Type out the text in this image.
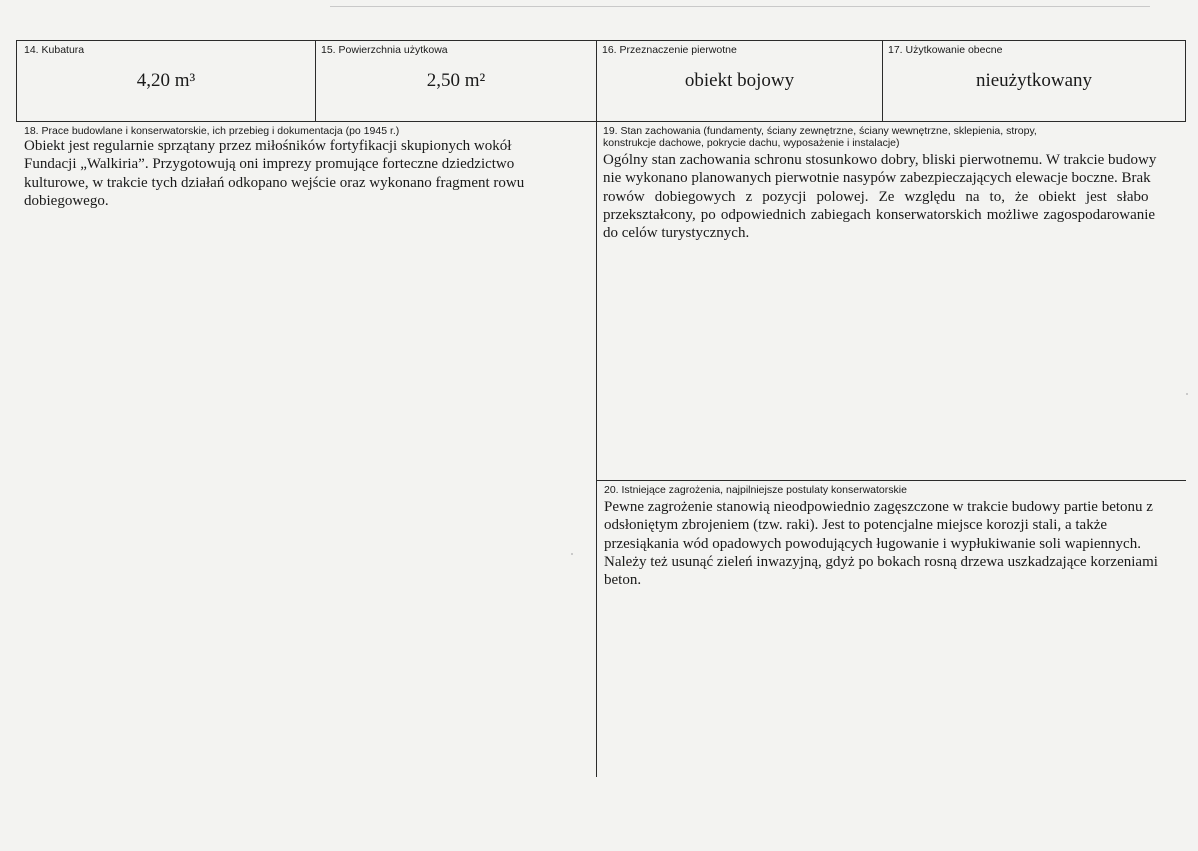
14. Kubatura
4,20 m³
15. Powierzchnia użytkowa
2,50 m²
16. Przeznaczenie pierwotne
obiekt bojowy
17. Użytkowanie obecne
nieużytkowany
18. Prace budowlane i konserwatorskie, ich przebieg i dokumentacja (po 1945 r.)

Obiekt jest regularnie sprzątany przez miłośników fortyfikacji skupionych wokół

Fundacji „Walkiria”. Przygotowują oni imprezy promujące forteczne dziedzictwo

kulturowe, w trakcie tych działań odkopano wejście oraz wykonano fragment rowu

dobiegowego.

19. Stan zachowania (fundamenty, ściany zewnętrzne, ściany wewnętrzne, sklepienia, stropy,
konstrukcje dachowe, pokrycie dachu, wyposażenie i instalacje)

Ogólny stan zachowania schronu stosunkowo dobry, bliski pierwotnemu. W trakcie budowy

nie wykonano planowanych pierwotnie nasypów zabezpieczających elewacje boczne. Brak

rowów dobiegowych z pozycji polowej. Ze względu na to, że obiekt jest słabo

przekształcony, po odpowiednich zabiegach konserwatorskich możliwe zagospodarowanie

do celów turystycznych.

20. Istniejące zagrożenia, najpilniejsze postulaty konserwatorskie

Pewne zagrożenie stanowią nieodpowiednio zagęszczone w trakcie budowy partie betonu z

odsłoniętym zbrojeniem (tzw. raki). Jest to potencjalne miejsce korozji stali, a także

przesiąkania wód opadowych powodujących ługowanie i wypłukiwanie soli wapiennych.

Należy też usunąć zieleń inwazyjną, gdyż po bokach rosną drzewa uszkadzające korzeniami

beton.
